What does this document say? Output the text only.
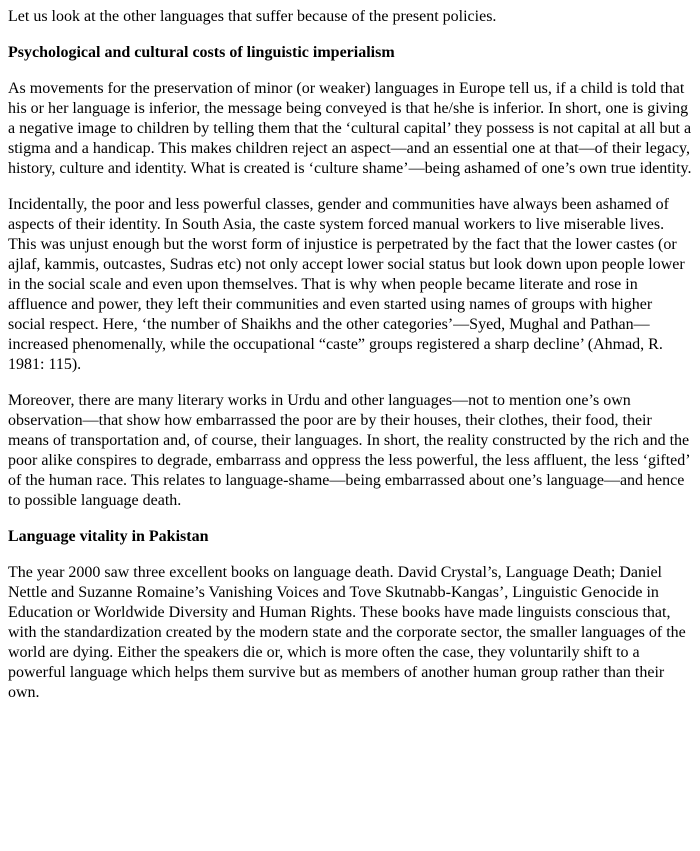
Let us look at the other languages that suffer because of the present policies.

Psychological and cultural costs of linguistic imperialism

As movements for the preservation of minor (or weaker) languages in Europe tell us, if a child is told that his or her language is inferior, the message being conveyed is that he/she is inferior. In short, one is giving a negative image to children by telling them that the ‘cultural capital’ they possess is not capital at all but a stigma and a handicap. This makes children reject an aspect—and an essential one at that—of their legacy, history, culture and identity. What is created is ‘culture shame’—being ashamed of one’s own true identity.

Incidentally, the poor and less powerful classes, gender and communities have always been ashamed of aspects of their identity. In South Asia, the caste system forced manual workers to live miserable lives. This was unjust enough but the worst form of injustice is perpetrated by the fact that the lower castes (or ajlaf, kammis, outcastes, Sudras etc) not only accept lower social status but look down upon people lower in the social scale and even upon themselves. That is why when people became literate and rose in affluence and power, they left their communities and even started using names of groups with higher social respect. Here, ‘the number of Shaikhs and the other categories’—Syed, Mughal and Pathan—increased phenomenally, while the occupational “caste” groups registered a sharp decline’ (Ahmad, R. 1981: 115).

Moreover, there are many literary works in Urdu and other languages—not to mention one’s own observation—that show how embarrassed the poor are by their houses, their clothes, their food, their means of transportation and, of course, their languages. In short, the reality constructed by the rich and the poor alike conspires to degrade, embarrass and oppress the less powerful, the less affluent, the less ‘gifted’ of the human race. This relates to language-shame—being embarrassed about one’s language—and hence to possible language death.

Language vitality in Pakistan

The year 2000 saw three excellent books on language death. David Crystal’s, Language Death; Daniel Nettle and Suzanne Romaine’s Vanishing Voices and Tove Skutnabb-Kangas’, Linguistic Genocide in Education or Worldwide Diversity and Human Rights. These books have made linguists conscious that, with the standardization created by the modern state and the corporate sector, the smaller languages of the world are dying. Either the speakers die or, which is more often the case, they voluntarily shift to a powerful language which helps them survive but as members of another human group rather than their own.
